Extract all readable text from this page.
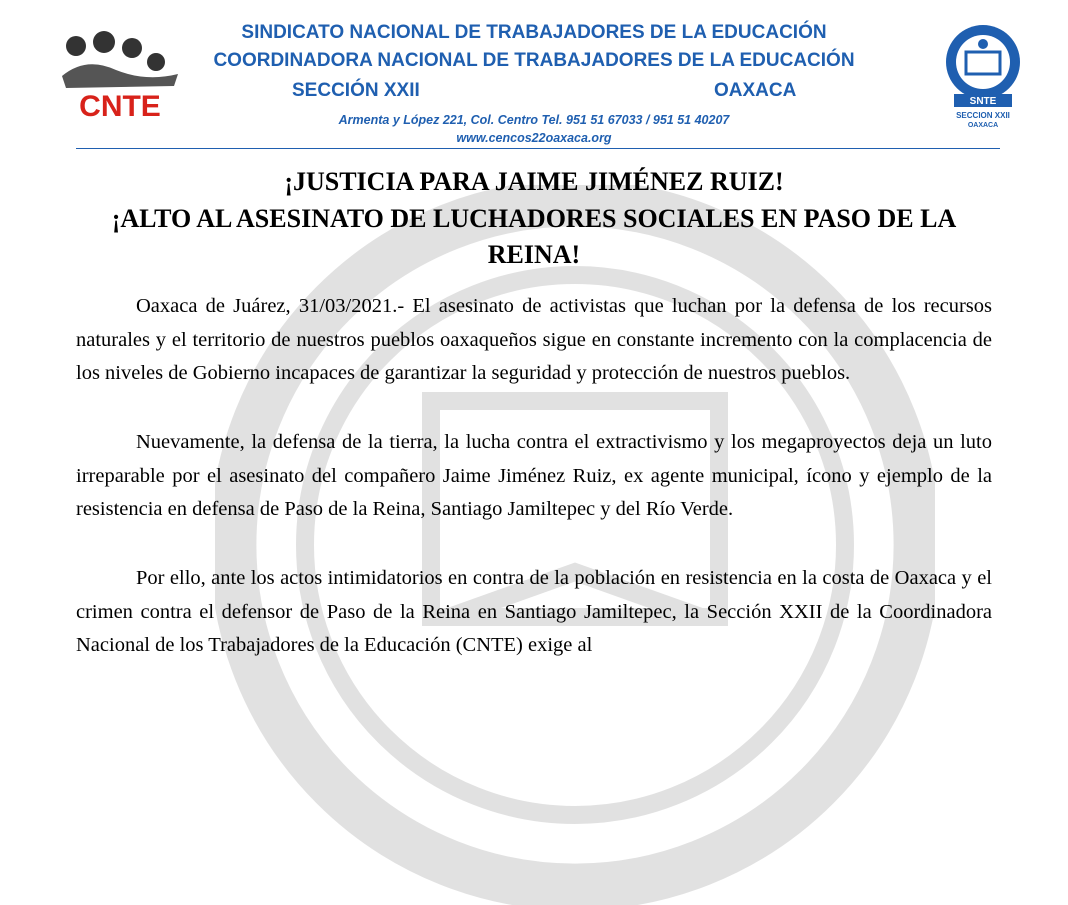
CNTE
SINDICATO NACIONAL DE TRABAJADORES DE LA EDUCACIÓN
COORDINADORA NACIONAL DE TRABAJADORES DE LA EDUCACIÓN
SECCIÓN XXII	OAXACA
Armenta y López 221, Col. Centro Tel. 951 51 67033 / 951 51 40207
www.cencos22oaxaca.org
SNTE
SECCION XXII
OAXACA
¡JUSTICIA PARA JAIME JIMÉNEZ RUIZ!
¡ALTO AL ASESINATO DE LUCHADORES SOCIALES EN PASO DE LA REINA!

Oaxaca de Juárez, 31/03/2021.- El asesinato de activistas que luchan por la defensa de los recursos naturales y el territorio de nuestros pueblos oaxaqueños sigue en constante incremento con la complacencia de los niveles de Gobierno incapaces de garantizar la seguridad y protección de nuestros pueblos.

Nuevamente, la defensa de la tierra, la lucha contra el extractivismo y los megaproyectos deja un luto irreparable por el asesinato del compañero Jaime Jiménez Ruiz, ex agente municipal, ícono y ejemplo de la resistencia en defensa de Paso de la Reina, Santiago Jamiltepec y del Río Verde.

Por ello, ante los actos intimidatorios en contra de la población en resistencia en la costa de Oaxaca y el crimen contra el defensor de Paso de la Reina en Santiago Jamiltepec, la Sección XXII de la Coordinadora Nacional de los Trabajadores de la Educación (CNTE) exige al
